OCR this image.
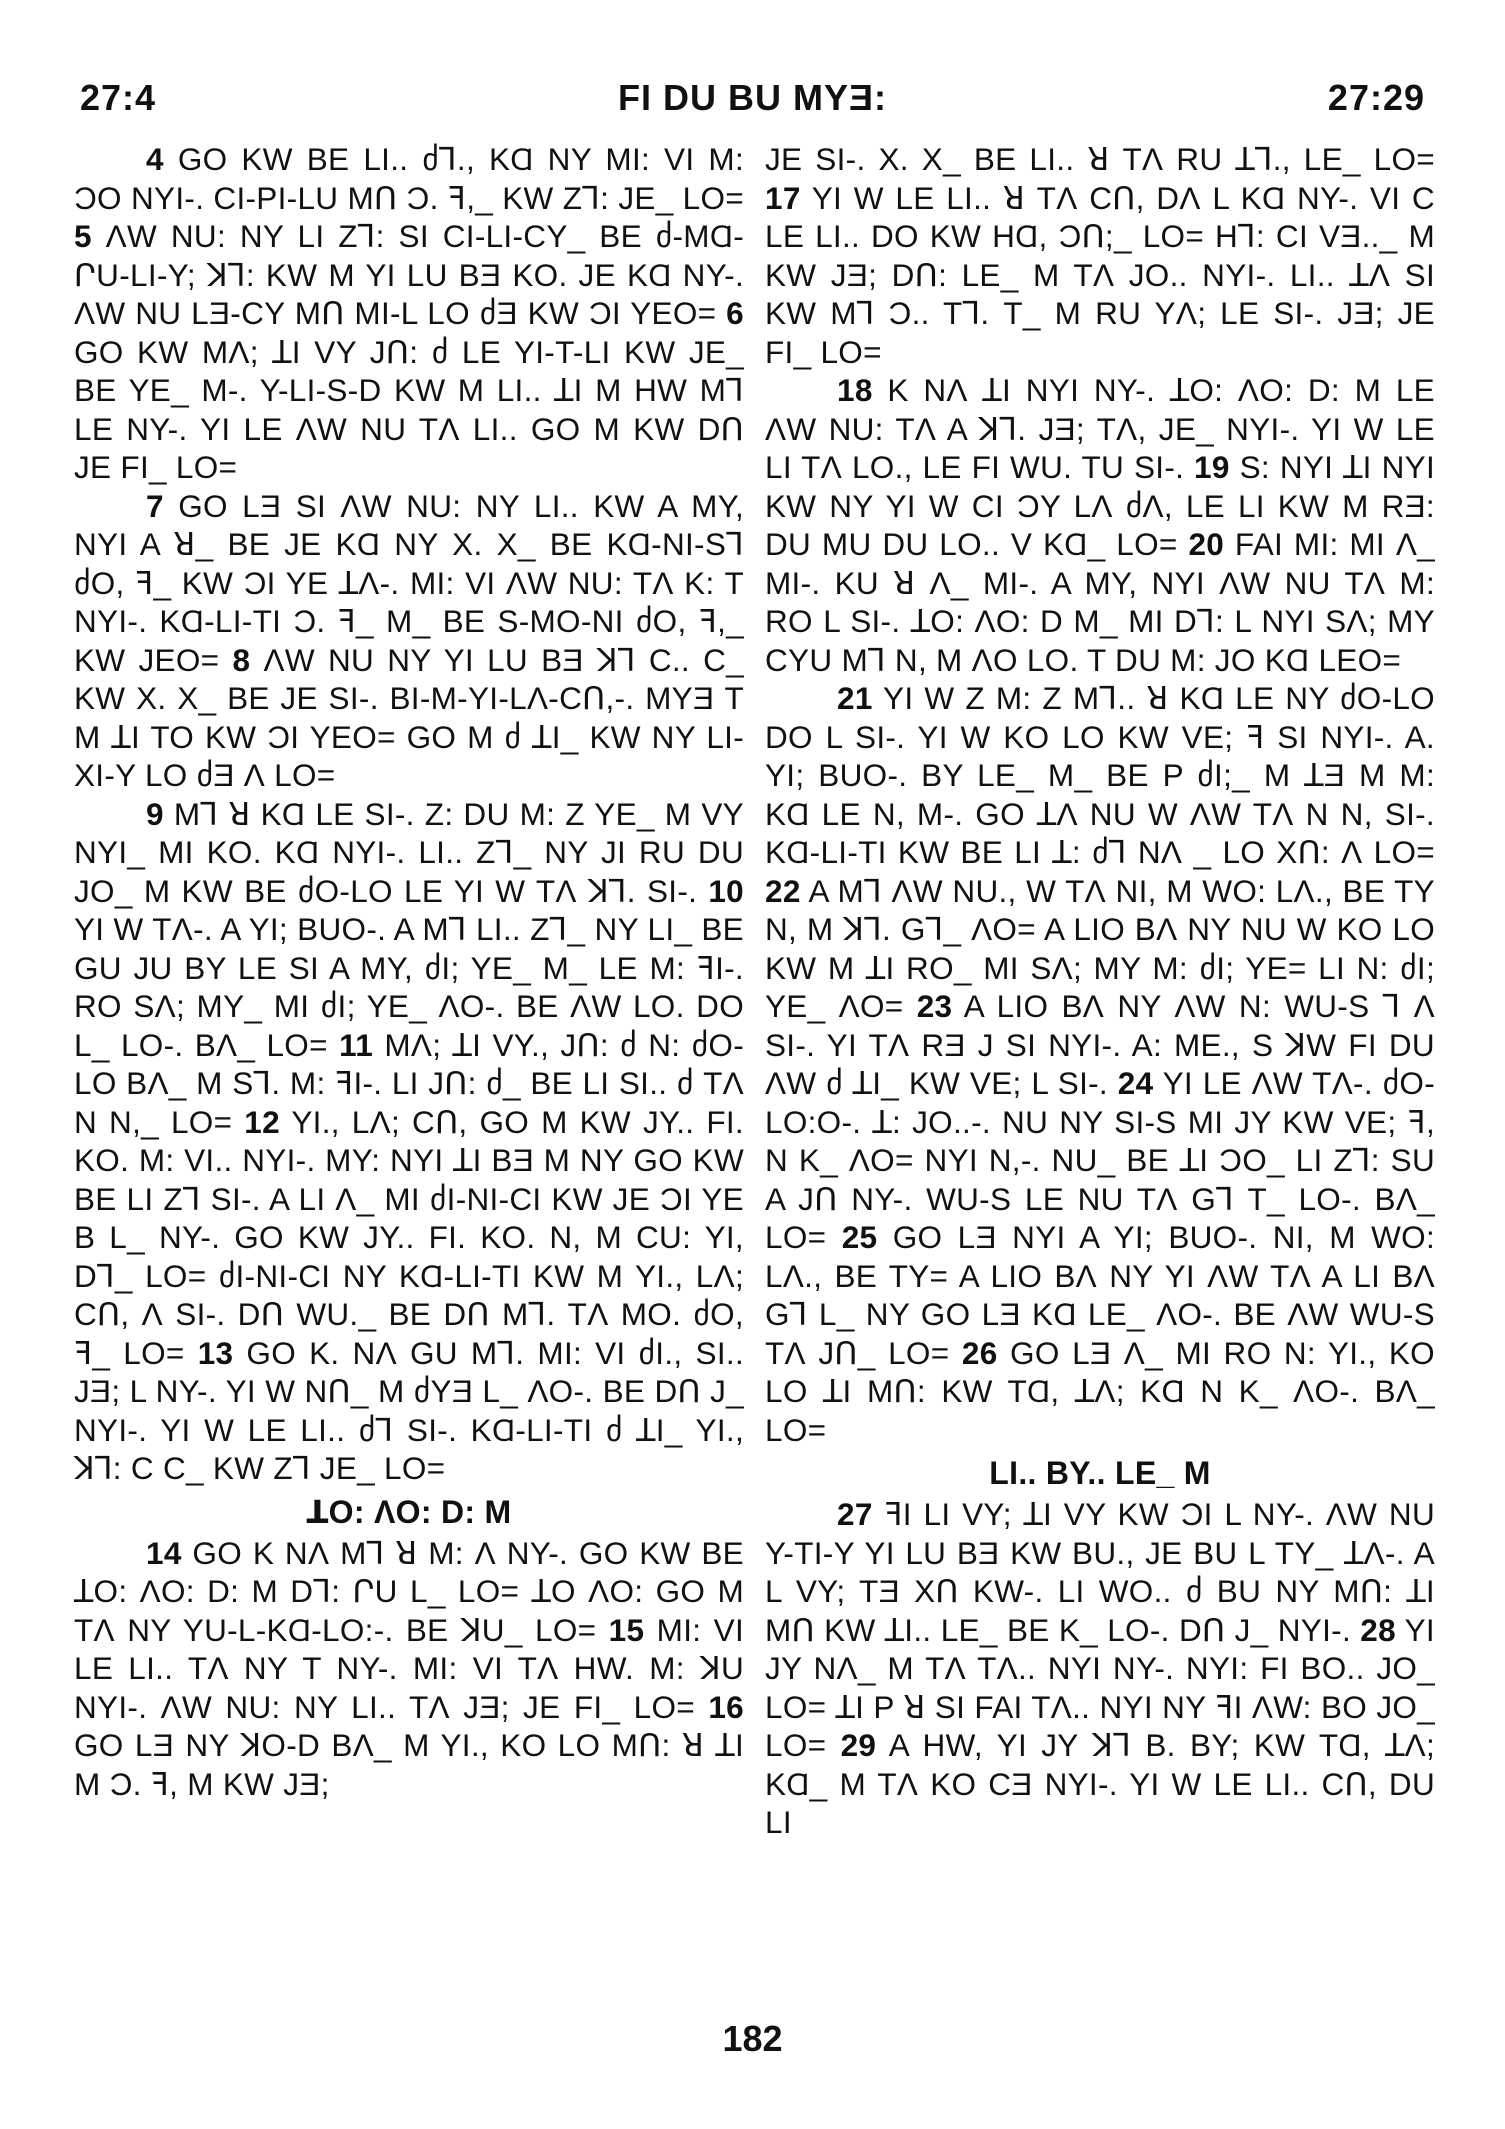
27:4	FI DU BU MYƎ:	27:29

4 GO KW BE LI.. ძꓶ., KⱭ NY MI: VI M: ƆO NYI-. CI-PI-LU MՈ Ɔ. ꟻ,_ KW Zꓶ: JE_ LO= 5 ɅW NU: NY LI Zꓶ: SI CI-LI-CY_ BE ძ-MⱭ-ՐU-LI-Y; ꓘꓶ: KW M YI LU BƎ KO. JE KⱭ NY-. ɅW NU LƎ-CY MՈ MI-L LO ძƎ KW ƆI YEO= 6 GO KW MɅ; ꓕI VY JՈ: ძ LE YI-T-LI KW JE_ BE YE_ M-. Y-LI-S-D KW M LI.. ꓕI M HW Mꓶ LE NY-. YI LE ɅW NU TɅ LI.. GO M KW DՈ JE FI_ LO=

7 GO LƎ SI ɅW NU: NY LI.. KW A MY, NYI A ꓤ_ BE JE KⱭ NY X. X_ BE KⱭ-NI-Sꓶ ძO, ꟻ_ KW ƆI YE ꓕɅ-. MI: VI ɅW NU: TɅ K: T NYI-. KⱭ-LI-TI Ɔ. ꟻ_ M_ BE S-MO-NI ძO, ꟻ,_ KW JEO= 8 ɅW NU NY YI LU BƎ ꓘꓶ C.. C_ KW X. X_ BE JE SI-. BI-M-YI-LɅ-CՈ,-. MYƎ T M ꓕI TO KW ƆI YEO= GO M ძ ꓕI_ KW NY LI-XI-Y LO ძƎ Ʌ LO=

9 Mꓶ ꓤ KⱭ LE SI-. Z: DU M: Z YE_ M VY NYI_ MI KO. KⱭ NYI-. LI.. Zꓶ_ NY JI RU DU JO_ M KW BE ძO-LO LE YI W TɅ ꓘꓶ. SI-. 10 YI W TɅ-. A YI; BUO-. A Mꓶ LI.. Zꓶ_ NY LI_ BE GU JU BY LE SI A MY, ძI; YE_ M_ LE M: ꟻI-. RO SɅ; MY_ MI ძI; YE_ ɅO-. BE ɅW LO. DO L_ LO-. BɅ_ LO= 11 MɅ; ꓕI VY., JՈ: ძ N: ძO-LO BɅ_ M Sꓶ. M: ꟻI-. LI JՈ: ძ_ BE LI SI.. ძ TɅ N N,_ LO= 12 YI., LɅ; CՈ, GO M KW JY.. FI. KO. M: VI.. NYI-. MY: NYI ꓕI BƎ M NY GO KW BE LI Zꓶ SI-. A LI Ʌ_ MI ძI-NI-CI KW JE ƆI YE B L_ NY-. GO KW JY.. FI. KO. N, M CU: YI, Dꓶ_ LO= ძI-NI-CI NY KⱭ-LI-TI KW M YI., LɅ; CՈ, Ʌ SI-. DՈ WU._ BE DՈ Mꓶ. TɅ MO. ძO, ꟻ_ LO= 13 GO K. NɅ GU Mꓶ. MI: VI ძI., SI.. JƎ; L NY-. YI W NՈ_ M ძYƎ L_ ɅO-. BE DՈ J_ NYI-. YI W LE LI.. ძꓶ SI-. KⱭ-LI-TI ძ ꓕI_ YI., ꓘꓶ: C C_ KW Zꓶ JE_ LO=

ꓕO: ɅO: D: M

14 GO K NɅ Mꓶ ꓤ M: Ʌ NY-. GO KW BE ꓕO: ɅO: D: M Dꓶ: ՐU L_ LO= ꓕO ɅO: GO M TɅ NY YU-L-KⱭ-LO:-. BE ꓘU_ LO= 15 MI: VI LE LI.. TɅ NY T NY-. MI: VI TɅ HW. M: ꓘU NYI-. ɅW NU: NY LI.. TɅ JƎ; JE FI_ LO= 16 GO LƎ NY ꓘO-D BɅ_ M YI., KO LO MՈ: ꓤ ꓕI M Ɔ. ꟻ, M KW JƎ;

JE SI-. X. X_ BE LI.. ꓤ TɅ RU ꓕꓶ., LE_ LO= 17 YI W LE LI.. ꓤ TɅ CՈ, DɅ L KⱭ NY-. VI C LE LI.. DO KW HⱭ, ƆՈ;_ LO= Hꓶ: CI VƎ.._ M KW JƎ; DՈ: LE_ M TɅ JO.. NYI-. LI.. ꓕɅ SI KW Mꓶ Ɔ.. Tꓶ. T_ M RU YɅ; LE SI-. JƎ; JE FI_ LO=

18 K NɅ ꓕI NYI NY-. ꓕO: ɅO: D: M LE ɅW NU: TɅ A ꓘꓶ. JƎ; TɅ, JE_ NYI-. YI W LE LI TɅ LO., LE FI WU. TU SI-. 19 S: NYI ꓕI NYI KW NY YI W CI ƆY LɅ ძɅ, LE LI KW M RƎ: DU MU DU LO.. V KⱭ_ LO= 20 FAI MI: MI Ʌ_ MI-. KU ꓤ Ʌ_ MI-. A MY, NYI ɅW NU TɅ M: RO L SI-. ꓕO: ɅO: D M_ MI Dꓶ: L NYI SɅ; MY CYU Mꓶ N, M ɅO LO. T DU M: JO KⱭ LEO=

21 YI W Z M: Z Mꓶ.. ꓤ KⱭ LE NY ძO-LO DO L SI-. YI W KO LO KW VE; ꟻ SI NYI-. A. YI; BUO-. BY LE_ M_ BE P ძI;_ M ꓕƎ M M: KⱭ LE N, M-. GO ꓕɅ NU W ɅW TɅ N N, SI-. KⱭ-LI-TI KW BE LI ꓕ: ძꓶ NɅ _ LO XՈ: Ʌ LO= 22 A Mꓶ ɅW NU., W TɅ NI, M WO: LɅ., BE TY N, M ꓘꓶ. Gꓶ_ ɅO= A LIO BɅ NY NU W KO LO KW M ꓕI RO_ MI SɅ; MY M: ძI; YE= LI N: ძI; YE_ ɅO= 23 A LIO BɅ NY ɅW N: WU-S ꓶ Ʌ SI-. YI TɅ RƎ J SI NYI-. A: ME., S ꓘW FI DU ɅW ძ ꓕI_ KW VE; L SI-. 24 YI LE ɅW TɅ-. ძO-LO:O-. ꓕ: JO..-. NU NY SI-S MI JY KW VE; ꟻ, N K_ ɅO= NYI N,-. NU_ BE ꓕI ƆO_ LI Zꓶ: SU A JՈ NY-. WU-S LE NU TɅ Gꓶ T_ LO-. BɅ_ LO= 25 GO LƎ NYI A YI; BUO-. NI, M WO: LɅ., BE TY= A LIO BɅ NY YI ɅW TɅ A LI BɅ Gꓶ L_ NY GO LƎ KⱭ LE_ ɅO-. BE ɅW WU-S TɅ JՈ_ LO= 26 GO LƎ Ʌ_ MI RO N: YI., KO LO ꓕI MՈ: KW TⱭ, ꓕɅ; KⱭ N K_ ɅO-. BɅ_ LO=

LI.. BY.. LE_ M

27 ꟻI LI VY; ꓕI VY KW ƆI L NY-. ɅW NU Y-TI-Y YI LU BƎ KW BU., JE BU L TY_ ꓕɅ-. A L VY; TƎ XՈ KW-. LI WO.. ძ BU NY MՈ: ꓕI MՈ KW ꓕI.. LE_ BE K_ LO-. DՈ J_ NYI-. 28 YI JY NɅ_ M TɅ TɅ.. NYI NY-. NYI: FI BO.. JO_ LO= ꓕI P ꓤ SI FAI TɅ.. NYI NY ꟻI ɅW: BO JO_ LO= 29 A HW, YI JY ꓘꓶ B. BY; KW TⱭ, ꓕɅ; KⱭ_ M TɅ KO CƎ NYI-. YI W LE LI.. CՈ, DU LI

182
